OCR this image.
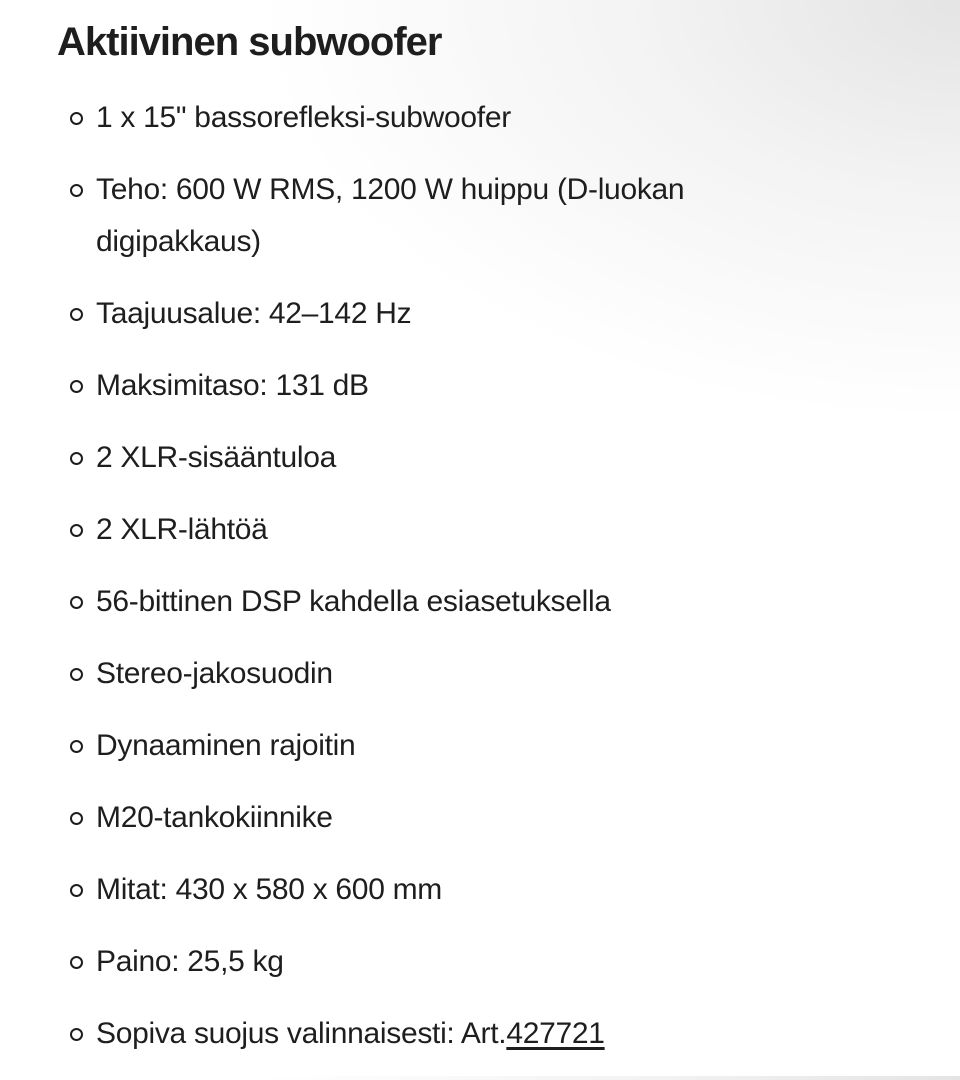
Aktiivinen subwoofer
1 x 15" bassorefleksi-subwoofer
Teho: 600 W RMS, 1200 W huippu (D-luokan digipakkaus)
Taajuusalue: 42–142 Hz
Maksimitaso: 131 dB
2 XLR-sisääntuloa
2 XLR-lähtöä
56-bittinen DSP kahdella esiasetuksella
Stereo-jakosuodin
Dynaaminen rajoitin
M20-tankokiinnike
Mitat: 430 x 580 x 600 mm
Paino: 25,5 kg
Sopiva suojus valinnaisesti: Art.427721
